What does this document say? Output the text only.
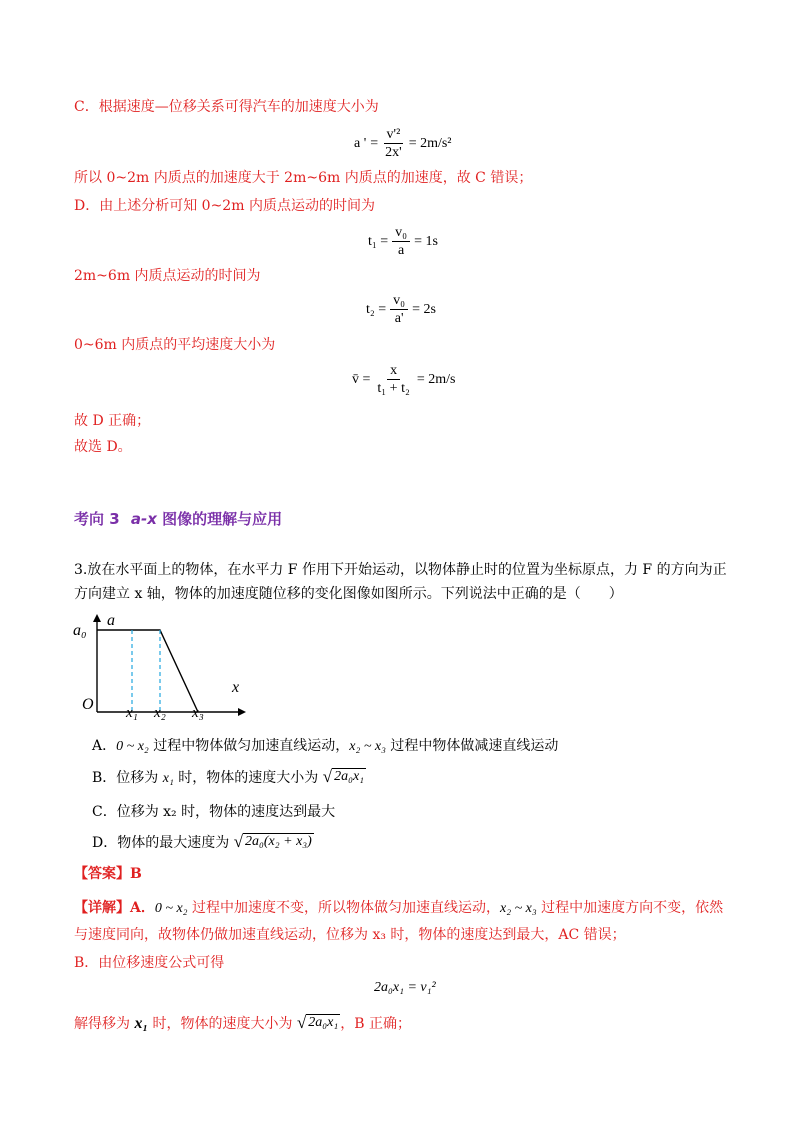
C．根据速度—位移关系可得汽车的加速度大小为
a ' = $\frac{\text{v'²}}{2x'} = 2m/s^2$
所以 0~2m 内质点的加速度大于 2m~6m 内质点的加速度，故 C 错误；
D．由上述分析可知 0~2m 内质点运动的时间为
$t_1 = \frac{\text{v₀}}{a} = 1s$
2m~6m 内质点运动的时间为
$t_2 = \frac{\text{v₀}}{a'} = 2s$
0~6m 内质点的平均速度大小为
v̄ = $\frac{x}{\text{t₁ + t₂}} = 2m/s$
故 D 正确；
故选 D。
考向 3 a-x 图像的理解与应用
3.放在水平面上的物体，在水平力 F 作用下开始运动，以物体静止时的位置为坐标原点，力 F 的方向为正
方向建立 x 轴，物体的加速度随位移的变化图像如图所示。下列说法中正确的是（　　）
a
a₀
x
O x₁ x₂ x₃
A．0 ~ x₂ 过程中物体做匀加速直线运动，x₂ ~ x₃ 过程中物体做减速直线运动
B．位移为 x₁ 时，物体的速度大小为 √ 2a₀x₁
C．位移为 x₂ 时，物体的速度达到最大
D．物体的最大速度为 √ 2a₀(x₂ + x₃)
【答案】B
【详解】A．0 ~ x₂ 过程中加速度不变，所以物体做匀加速直线运动，x₂ ~ x₃ 过程中加速度方向不变，依然
与速度同向，故物体仍做加速直线运动，位移为 x₃ 时，物体的速度达到最大，AC 错误；
B．由位移速度公式可得
2a₀x₁ = v₁²
解得移为 x₁ 时，物体的速度大小为 √ 2a₀x₁ ，B 正确；
